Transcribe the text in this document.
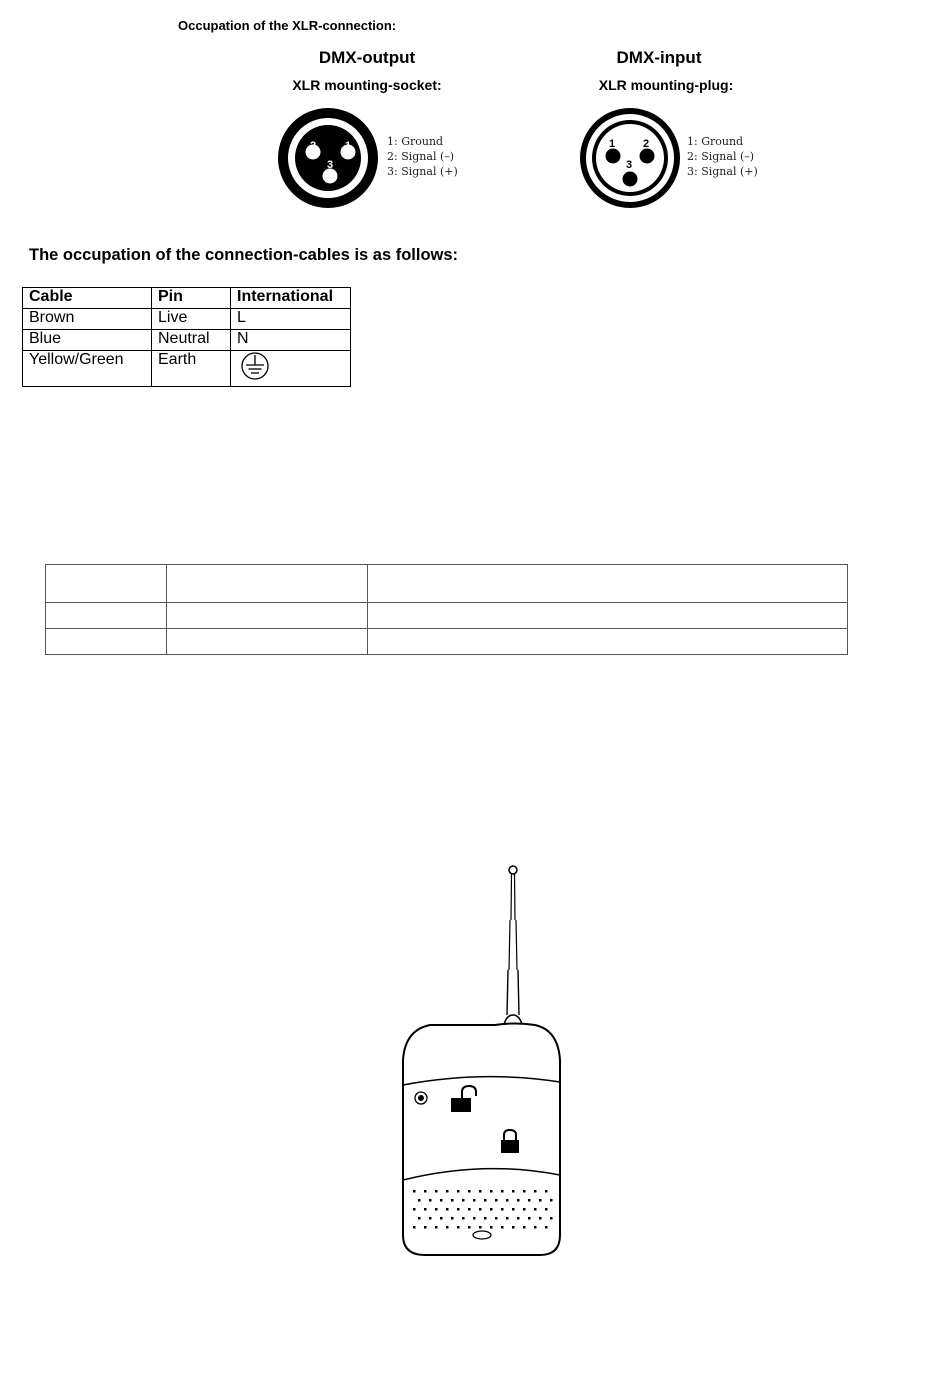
Occupation of the XLR-connection:
DMX-output
XLR mounting-socket:
2	1
3
1: Ground
2: Signal (–)
3: Signal (+)
DMX-input
XLR mounting-plug:
1	2
3
1: Ground
2: Signal (–)
3: Signal (+)
The occupation of the connection-cables is as follows:
Cable	Pin	International
Brown	Live	L
Blue	Neutral	N
Yellow/Green	Earth	
